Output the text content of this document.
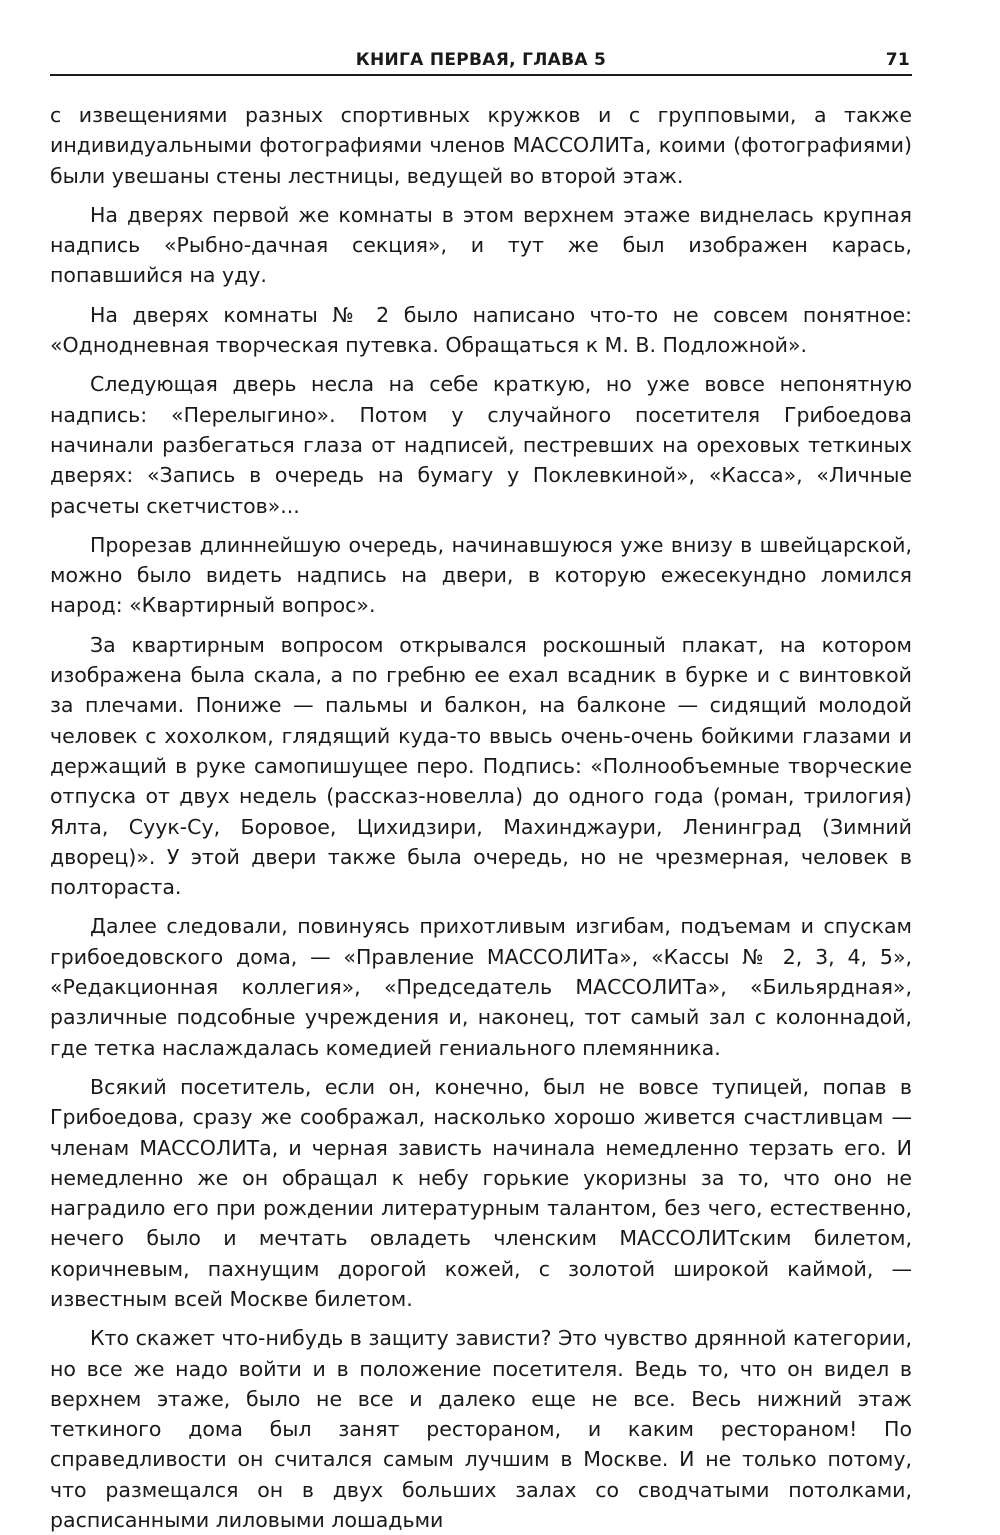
КНИГА ПЕРВАЯ, ГЛАВА 5	71

с извещениями разных спортивных кружков и с групповыми, а также индивидуальными фотографиями членов МАССОЛИТа, коими (фотографиями) были увешаны стены лестницы, ведущей во второй этаж.

На дверях первой же комнаты в этом верхнем этаже виднелась крупная надпись «Рыбно-дачная секция», и тут же был изображен карась, попавшийся на уду.

На дверях комнаты № 2 было написано что-то не совсем понятное: «Однодневная творческая путевка. Обращаться к М. В. Подложной».

Следующая дверь несла на себе краткую, но уже вовсе непонятную надпись: «Перелыгино». Потом у случайного посетителя Грибоедова начинали разбегаться глаза от надписей, пестревших на ореховых теткиных дверях: «Запись в очередь на бумагу у Поклевкиной», «Касса», «Личные расчеты скетчистов»...

Прорезав длиннейшую очередь, начинавшуюся уже внизу в швейцарской, можно было видеть надпись на двери, в которую ежесекундно ломился народ: «Квартирный вопрос».

За квартирным вопросом открывался роскошный плакат, на котором изображена была скала, а по гребню ее ехал всадник в бурке и с винтовкой за плечами. Пониже — пальмы и балкон, на балконе — сидящий молодой человек с хохолком, глядящий куда-то ввысь очень-очень бойкими глазами и держащий в руке самопишущее перо. Подпись: «Полнообъемные творческие отпуска от двух недель (рассказ-новелла) до одного года (роман, трилогия) Ялта, Суук-Су, Боровое, Цихидзири, Махинджаури, Ленинград (Зимний дворец)». У этой двери также была очередь, но не чрезмерная, человек в полтораста.

Далее следовали, повинуясь прихотливым изгибам, подъемам и спускам грибоедовского дома, — «Правление МАССОЛИТа», «Кассы № 2, 3, 4, 5», «Редакционная коллегия», «Председатель МАССОЛИТа», «Бильярдная», различные подсобные учреждения и, наконец, тот самый зал с колоннадой, где тетка наслаждалась комедией гениального племянника.

Всякий посетитель, если он, конечно, был не вовсе тупицей, попав в Грибоедова, сразу же соображал, насколько хорошо живется счастливцам — членам МАССОЛИТа, и черная зависть начинала немедленно терзать его. И немедленно же он обращал к небу горькие укоризны за то, что оно не наградило его при рождении литературным талантом, без чего, естественно, нечего было и мечтать овладеть членским МАССОЛИТским билетом, коричневым, пахнущим дорогой кожей, с золотой широкой каймой, — известным всей Москве билетом.

Кто скажет что-нибудь в защиту зависти? Это чувство дрянной категории, но все же надо войти и в положение посетителя. Ведь то, что он видел в верхнем этаже, было не все и далеко еще не все. Весь нижний этаж теткиного дома был занят рестораном, и каким рестораном! По справедливости он считался самым лучшим в Москве. И не только потому, что размещался он в двух больших залах со сводчатыми потолками, расписанными лиловыми лошадьми
